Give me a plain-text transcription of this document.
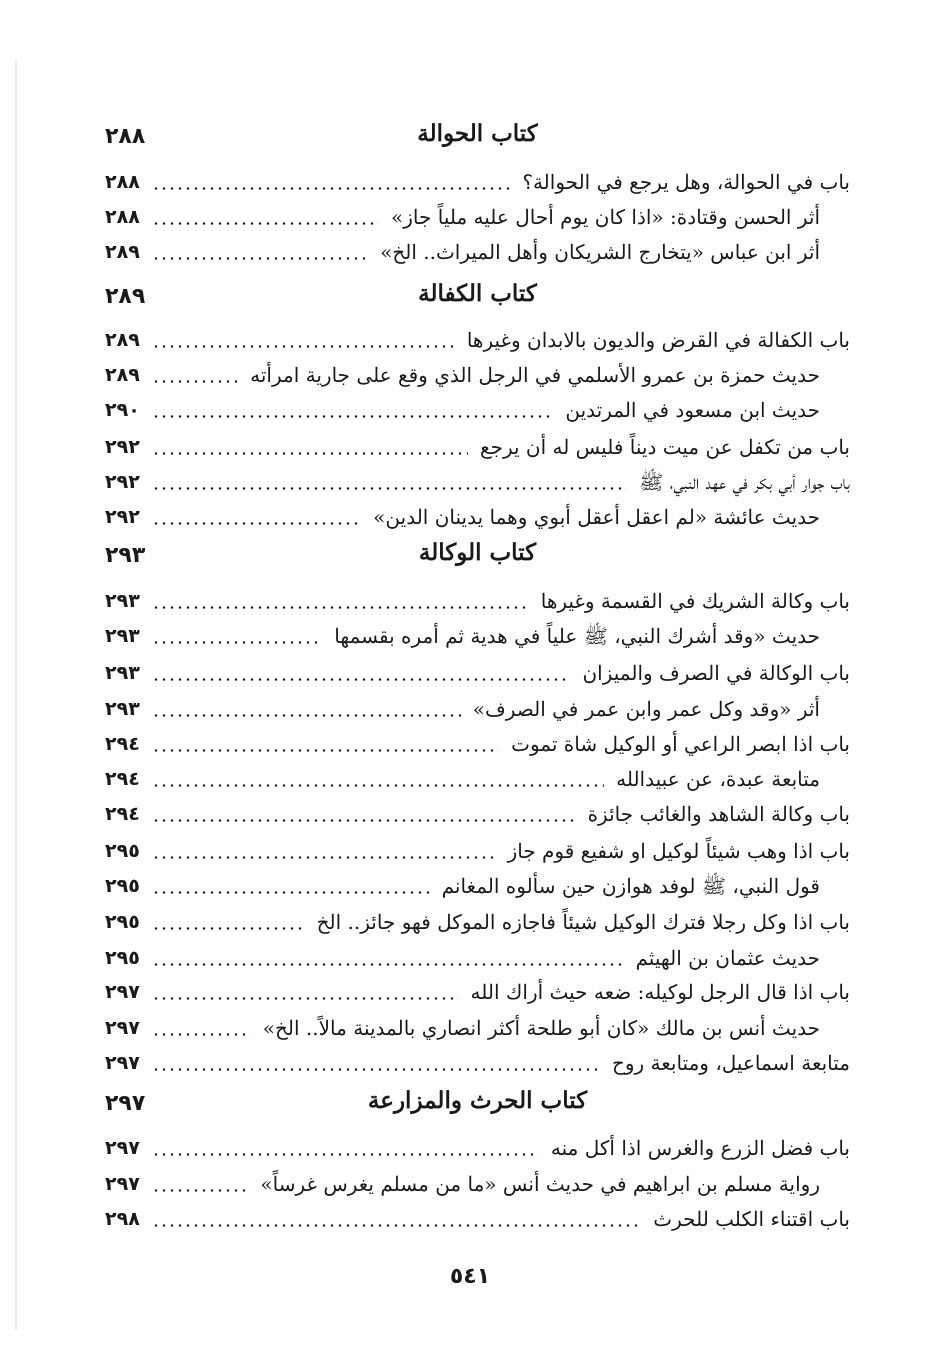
٢٨٨	كتاب الحوالة
٢٨٨	باب في الحوالة، وهل يرجع في الحوالة؟
٢٨٨	أثر الحسن وقتادة: «اذا كان يوم أحال عليه ملياً جاز»
٢٨٩	أثر ابن عباس «يتخارج الشريكان وأهل الميراث.. الخ»
٢٨٩	كتاب الكفالة
٢٨٩	باب الكفالة في القرض والديون بالابدان وغيرها
٢٨٩	حديث حمزة بن عمرو الأسلمي في الرجل الذي وقع على جارية امرأته
٢٩٠	حديث ابن مسعود في المرتدين
٢٩٢	باب من تكفل عن ميت ديناً فليس له أن يرجع
٢٩٢	باب جوار أبي بكر في عهد النبي، ﷺ
٢٩٢	حديث عائشة «لم اعقل أعقل أبوي وهما يدينان الدين»
٢٩٣	كتاب الوكالة
٢٩٣	باب وكالة الشريك في القسمة وغيرها
٢٩٣	حديث «وقد أشرك النبي، ﷺ علياً في هدية ثم أمره بقسمها
٢٩٣	باب الوكالة في الصرف والميزان
٢٩٣	أثر «وقد وكل عمر وابن عمر في الصرف»
٢٩٤	باب اذا ابصر الراعي أو الوكيل شاة تموت
٢٩٤	متابعة عبدة، عن عبيدالله
٢٩٤	باب وكالة الشاهد والغائب جائزة
٢٩٥	باب اذا وهب شيئاً لوكيل او شفيع قوم جاز
٢٩٥	قول النبي، ﷺ لوفد هوازن حين سألوه المغانم
٢٩٥	باب اذا وكل رجلا فترك الوكيل شيئاً فاجازه الموكل فهو جائز.. الخ
٢٩٥	حديث عثمان بن الهيثم
٢٩٧	باب اذا قال الرجل لوكيله: ضعه حيث أراك الله
٢٩٧	حديث أنس بن مالك «كان أبو طلحة أكثر انصاري بالمدينة مالاً.. الخ»
٢٩٧	متابعة اسماعيل، ومتابعة روح
٢٩٧	كتاب الحرث والمزارعة
٢٩٧	باب فضل الزرع والغرس اذا أكل منه
٢٩٧	رواية مسلم بن ابراهيم في حديث أنس «ما من مسلم يغرس غرساً»
٢٩٨	باب اقتناء الكلب للحرث
٥٤١
